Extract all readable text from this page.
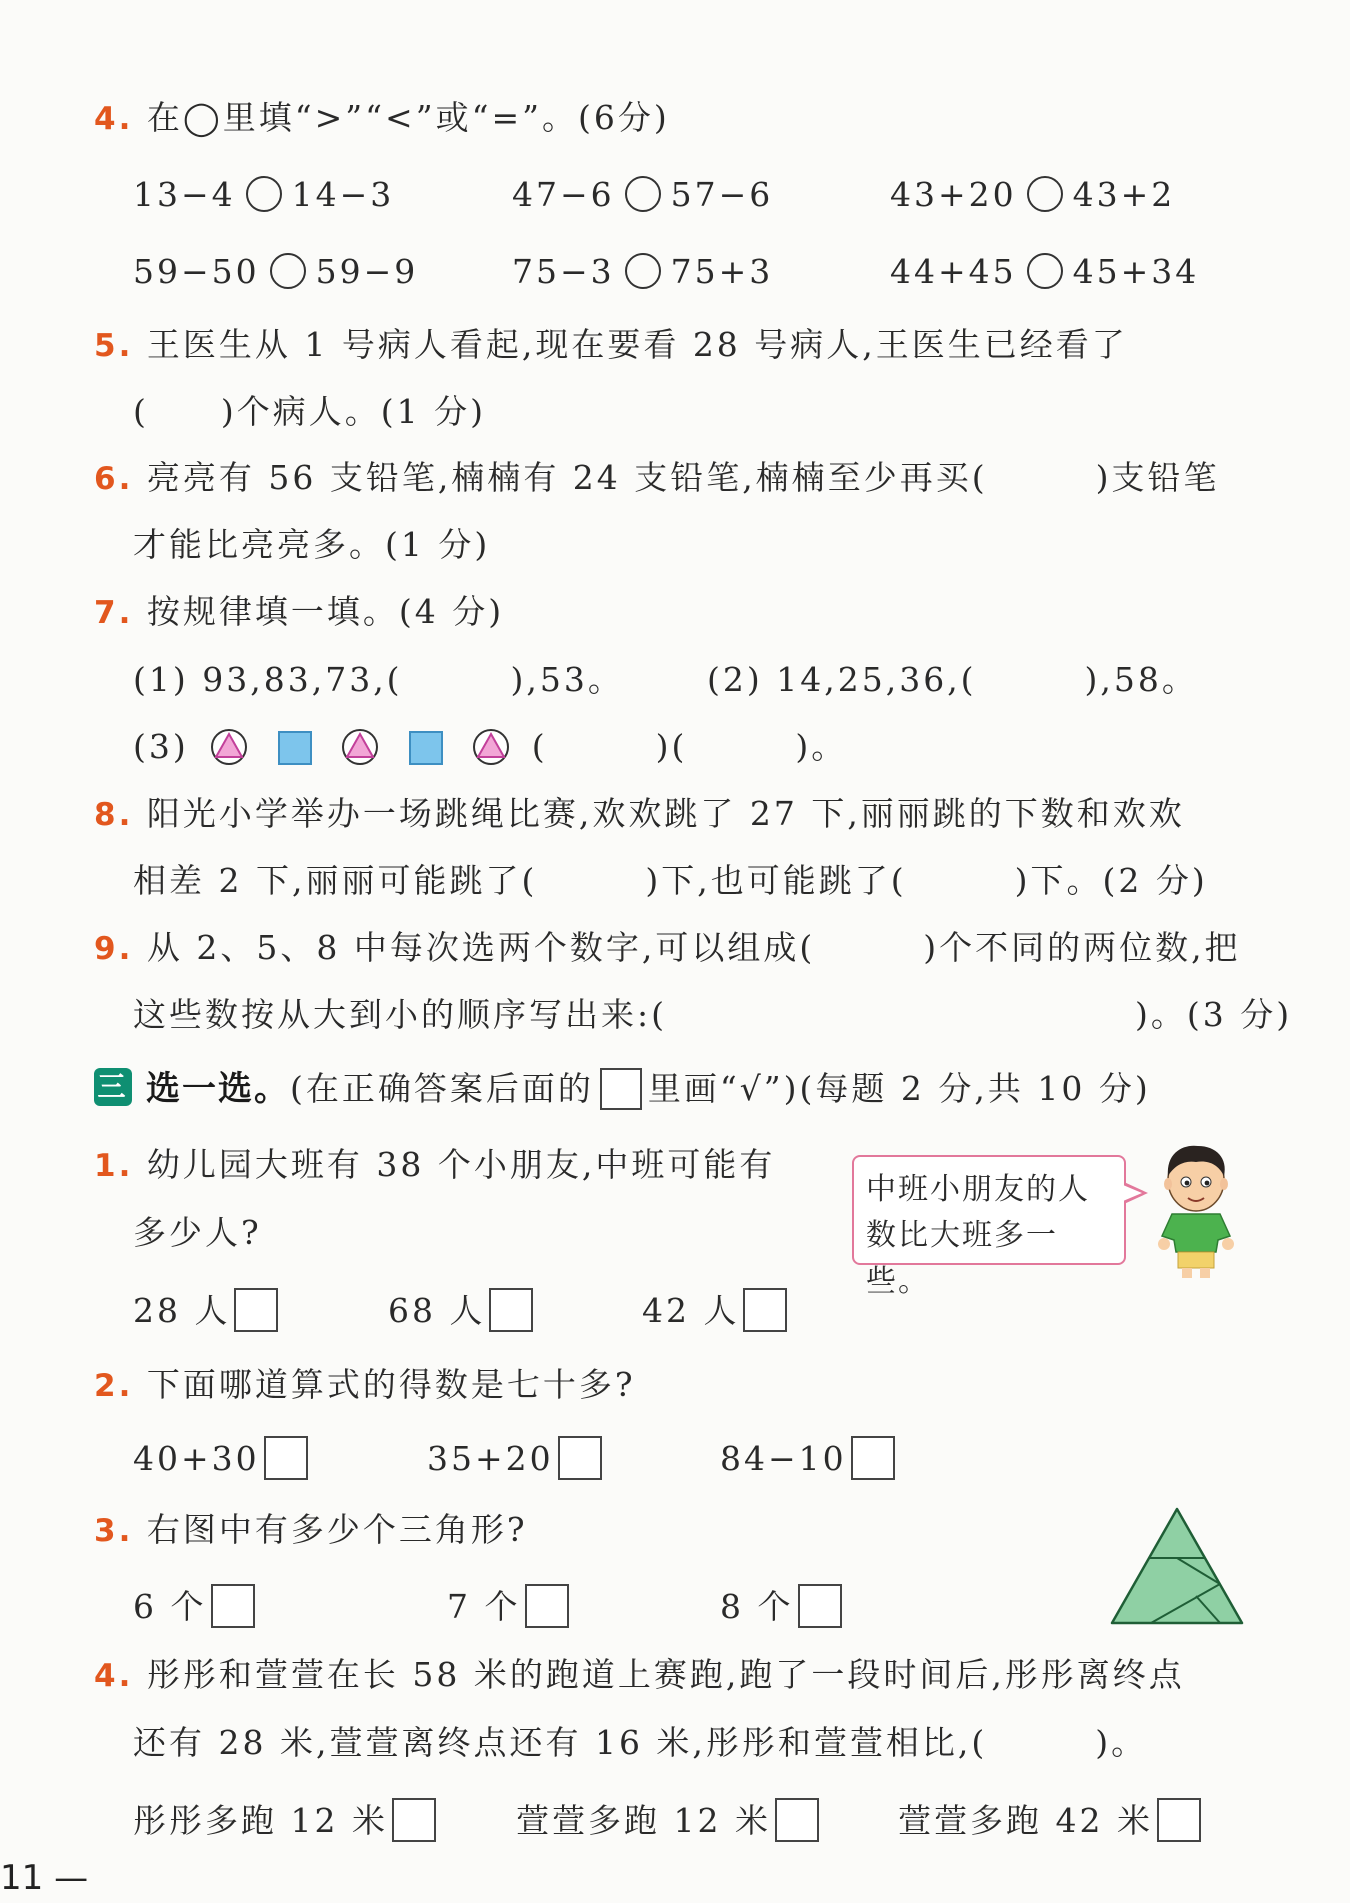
4. 在◯里填“>”“<”或“=”。(6分)
13−4 14−3	47−6 57−6	43+20 43+2
59−50 59−9	75−3 75+3	44+45 45+34
5. 王医生从 1 号病人看起,现在要看 28 号病人,王医生已经看了
(　　)个病人。(1 分)
6. 亮亮有 56 支铅笔,楠楠有 24 支铅笔,楠楠至少再买(　　　)支铅笔
才能比亮亮多。(1 分)
7. 按规律填一填。(4 分)
(1) 93,83,73,(　　　),53。	(2) 14,25,36,(　　　),58。
(3)	(　　　)(　　　)。
8. 阳光小学举办一场跳绳比赛,欢欢跳了 27 下,丽丽跳的下数和欢欢
相差 2 下,丽丽可能跳了(　　　)下,也可能跳了(　　　)下。(2 分)
9. 从 2、5、8 中每次选两个数字,可以组成(　　　)个不同的两位数,把
这些数按从大到小的顺序写出来:(　　　　　　　　　　　　　)。(3 分)
三 选一选。(在正确答案后面的 里画“√”)(每题 2 分,共 10 分)
1. 幼儿园大班有 38 个小朋友,中班可能有
多少人?
28 人	68 人	42 人
中班小朋友的人
数比大班多一些。
2. 下面哪道算式的得数是七十多?
40+30	35+20	84−10
3. 右图中有多少个三角形?
6 个	7 个	8 个
4. 彤彤和萱萱在长 58 米的跑道上赛跑,跑了一段时间后,彤彤离终点
还有 28 米,萱萱离终点还有 16 米,彤彤和萱萱相比,(　　　)。
彤彤多跑 12 米	萱萱多跑 12 米	萱萱多跑 42 米
11 —
